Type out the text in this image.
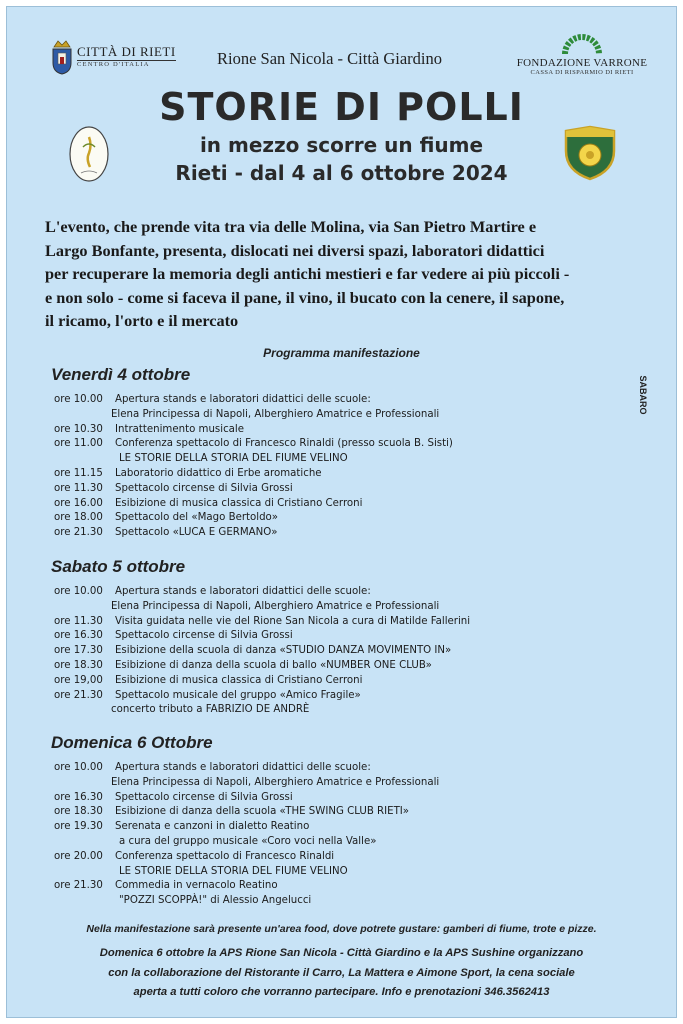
CITTÀ DI RIETI
CENTRO D'ITALIA	Rione San Nicola - Città Giardino	FONDAZIONE VARRONE
CASSA DI RISPARMIO DI RIETI
STORIE DI POLLI
in mezzo scorre un fiume
Rieti - dal 4 al 6 ottobre 2024
L'evento, che prende vita tra via delle Molina, via San Pietro Martire e
Largo Bonfante, presenta, dislocati nei diversi spazi, laboratori didattici
per recuperare la memoria degli antichi mestieri e far vedere ai più piccoli -
e non solo - come si faceva il pane, il vino, il bucato con la cenere, il sapone,
il ricamo, l'orto e il mercato
Programma manifestazione
SABARO
Venerdì 4 ottobre
ore 10.00	Apertura stands e laboratori didattici delle scuole:
Elena Principessa di Napoli, Alberghiero Amatrice e Professionali
ore 10.30	Intrattenimento musicale
ore 11.00	Conferenza spettacolo di Francesco Rinaldi (presso scuola B. Sisti)
LE STORIE DELLA STORIA DEL FIUME VELINO
ore 11.15	Laboratorio didattico di Erbe aromatiche
ore 11.30	Spettacolo circense di Silvia Grossi
ore 16.00	Esibizione di musica classica di Cristiano Cerroni
ore 18.00	Spettacolo del «Mago Bertoldo»
ore 21.30	Spettacolo «LUCA E GERMANO»
Sabato 5 ottobre
ore 10.00	Apertura stands e laboratori didattici delle scuole:
Elena Principessa di Napoli, Alberghiero Amatrice e Professionali
ore 11.30	Visita guidata nelle vie del Rione San Nicola a cura di Matilde Fallerini
ore 16.30	Spettacolo circense di Silvia Grossi
ore 17.30	Esibizione della scuola di danza «STUDIO DANZA MOVIMENTO IN»
ore 18.30	Esibizione di danza della scuola di ballo «NUMBER ONE CLUB»
ore 19,00	Esibizione di musica classica di Cristiano Cerroni
ore 21.30	Spettacolo musicale del gruppo «Amico Fragile»
concerto tributo a FABRIZIO DE ANDRÈ
Domenica 6 Ottobre
ore 10.00	Apertura stands e laboratori didattici delle scuole:
Elena Principessa di Napoli, Alberghiero Amatrice e Professionali
ore 16.30	Spettacolo circense di Silvia Grossi
ore 18.30	Esibizione di danza della scuola «THE SWING CLUB RIETI»
ore 19.30	Serenata e canzoni in dialetto Reatino
a cura del gruppo musicale «Coro voci nella Valle»
ore 20.00	Conferenza spettacolo di Francesco Rinaldi
LE STORIE DELLA STORIA DEL FIUME VELINO
ore 21.30	Commedia in vernacolo Reatino
"POZZI SCOPPÀ!" di Alessio Angelucci
Nella manifestazione sarà presente un'area food, dove potrete gustare: gamberi di fiume, trote e pizze.
Domenica 6 ottobre la APS Rione San Nicola - Città Giardino e la APS Sushine organizzano
con la collaborazione del Ristorante il Carro, La Mattera e Aimone Sport, la cena sociale
aperta a tutti coloro che vorranno partecipare. Info e prenotazioni 346.3562413
